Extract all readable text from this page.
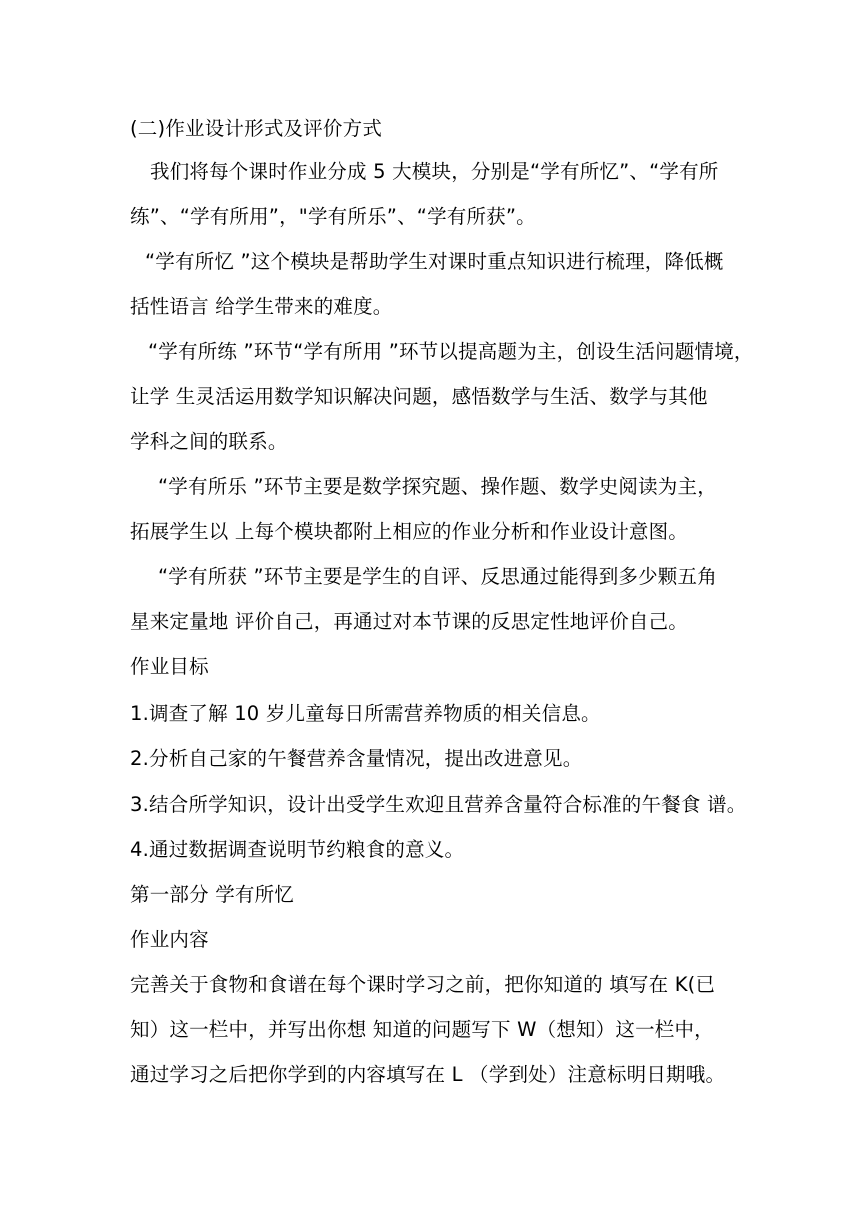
(二)作业设计形式及评价方式
我们将每个课时作业分成 5 大模块，分别是“学有所忆”、“学有所
练”、“学有所用”，"学有所乐”、“学有所获”。
“学有所忆 ”这个模块是帮助学生对课时重点知识进行梳理，降低概
括性语言 给学生带来的难度。
“学有所练 ”环节“学有所用 ”环节以提高题为主，创设生活问题情境，
让学 生灵活运用数学知识解决问题，感悟数学与生活、数学与其他
学科之间的联系。
“学有所乐 ”环节主要是数学探究题、操作题、数学史阅读为主，
拓展学生以 上每个模块都附上相应的作业分析和作业设计意图。
“学有所获 ”环节主要是学生的自评、反思通过能得到多少颗五角
星来定量地 评价自己，再通过对本节课的反思定性地评价自己。
作业目标
1.调查了解 10 岁儿童每日所需营养物质的相关信息。
2.分析自己家的午餐营养含量情况，提出改进意见。
3.结合所学知识，设计出受学生欢迎且营养含量符合标准的午餐食 谱。
4.通过数据调查说明节约粮食的意义。
第一部分 学有所忆
作业内容
完善关于食物和食谱在每个课时学习之前，把你知道的 填写在 K(已
知）这一栏中，并写出你想 知道的问题写下 W（想知）这一栏中，
通过学习之后把你学到的内容填写在 L （学到处）注意标明日期哦。
